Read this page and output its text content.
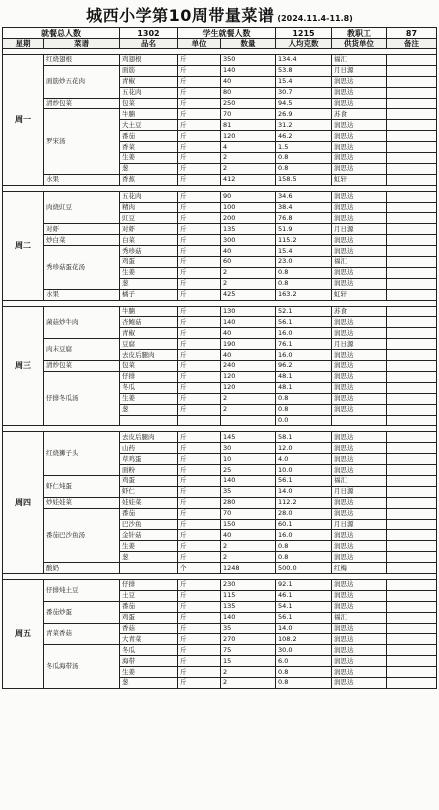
城西小学第10周带量菜谱 (2024.11.4-11.8)
就餐总人数		1302	学生就餐人数		1215	教职工	87
星期	菜谱	品名	单位	数量	人均克数	供货单位	备注

周一	红烧翅根	鸡翅根	斤	350	134.4	福汇	
	面筋炒五花肉	面筋	斤	140	53.8	月日源	
		青椒	斤	40	15.4	润思达	
		五花肉	斤	80	30.7	润思达	
	清炒包菜	包菜	斤	250	94.5	润思达	
	罗宋汤	牛腩	斤	70	26.9	苏食	
		大土豆	斤	81	31.2	润思达	
		番茄	斤	120	46.2	润思达	
		香菜	斤	4	1.5	润思达	
		生姜	斤	2	0.8	润思达	
		葱	斤	2	0.8	润思达	
	水果	香蕉	斤	412	158.5	虹轩	

周二	肉烧豇豆	五花肉	斤	90	34.6	润思达	
		精肉	斤	100	38.4	润思达	
		豇豆	斤	200	76.8	润思达	
	对虾	对虾	斤	135	51.9	月日源	
	炒白菜	白菜	斤	300	115.2	润思达	
	秀珍菇蛋花汤	秀珍菇	斤	40	15.4	润思达	
		鸡蛋	斤	60	23.0	福汇	
		生姜	斤	2	0.8	润思达	
		葱	斤	2	0.8	润思达	
	水果	橘子	斤	425	163.2	虹轩	

周三	菌菇炒牛肉	牛腩	斤	130	52.1	苏食	
		杏鲍菇	斤	140	56.1	润思达	
		青椒	斤	40	16.0	润思达	
	肉末豆腐	豆腐	斤	190	76.1	月日源	
		去皮后腿肉	斤	40	16.0	润思达	
	清炒包菜	包菜	斤	240	96.2	润思达	
	仔排冬瓜汤	仔排	斤	120	48.1	润思达	
		冬瓜	斤	120	48.1	润思达	
		生姜	斤	2	0.8	润思达	
		葱	斤	2	0.8	润思达	
					0.0		

周四	红烧狮子头	去皮后腿肉	斤	145	58.1	润思达	
		山药	斤	30	12.0	润思达	
		草鸡蛋	斤	10	4.0	润思达	
		面粉	斤	25	10.0	润思达	
	虾仁炖蛋	鸡蛋	斤	140	56.1	福汇	
		虾仁	斤	35	14.0	月日源	
	炒娃娃菜	娃娃菜	斤	280	112.2	润思达	
	番茄巴沙鱼汤	番茄	斤	70	28.0	润思达	
		巴沙鱼	斤	150	60.1	月日源	
		金针菇	斤	40	16.0	润思达	
		生姜	斤	2	0.8	润思达	
		葱	斤	2	0.8	润思达	
	酸奶		个	1248	500.0	红梅	

周五	仔排炖土豆	仔排	斤	230	92.1	润思达	
		土豆	斤	115	46.1	润思达	
	番茄炒蛋	番茄	斤	135	54.1	润思达	
		鸡蛋	斤	140	56.1	福汇	
	青菜香菇	香菇	斤	35	14.0	润思达	
		大青菜	斤	270	108.2	润思达	
	冬瓜海带汤	冬瓜	斤	75	30.0	润思达	
		海带	斤	15	6.0	润思达	
		生姜	斤	2	0.8	润思达	
		葱	斤	2	0.8	润思达	
